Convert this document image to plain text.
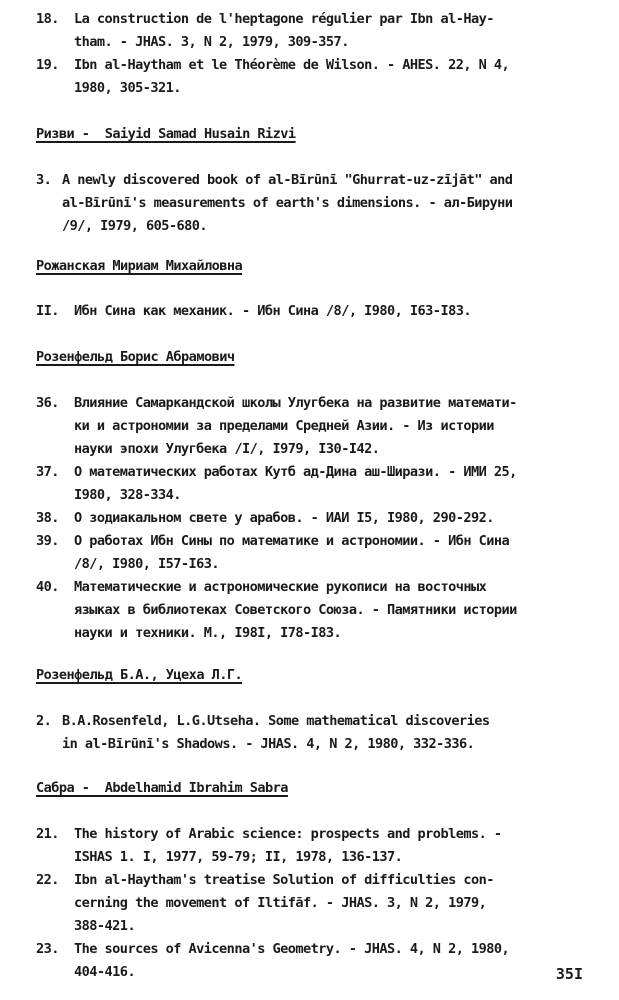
18. La construction de l'heptagone régulier par Ibn al-Hay-
tham. - JHAS. 3, N 2, 1979, 309-357.
19. Ibn al-Haytham et le Théorème de Wilson. - AHES. 22, N 4,
1980, 305-321.
Ризви -  Saiyid Samad Husain Rizvi
3. A newly discovered book of al-Bīrūnī "Ghurrat-uz-zījāt" and
al-Bīrūnī's measurements of earth's dimensions. - ал-Бируни
/9/, I979, 605-680.
Рожанская Мириам Михайловна
II. Ибн Сина как механик. - Ибн Сина /8/, I980, I63-I83.
Розенфельд Борис Абрамович
36. Влияние Самаркандской школы Улугбека на развитие математи-
ки и астрономии за пределами Средней Азии. - Из истории
науки эпохи Улугбека /I/, I979, I30-I42.
37. О математических работах Кутб ад-Дина аш-Ширази. - ИМИ 25,
I980, 328-334.
38. О зодиакальном свете у арабов. - ИАИ I5, I980, 290-292.
39. О работах Ибн Сины по математике и астрономии. - Ибн Сина
/8/, I980, I57-I63.
40. Математические и астрономические рукописи на восточных
языках в библиотеках Советского Союза. - Памятники истории
науки и техники. М., I98I, I78-I83.
Розенфельд Б.А., Уцеха Л.Г.
2. B.A.Rosenfeld, L.G.Utseha. Some mathematical discoveries
in al-Bīrūnī's Shadows. - JHAS. 4, N 2, 1980, 332-336.
Сабра -  Abdelhamid Ibrahim Sabra
21. The history of Arabic science: prospects and problems. -
ISHAS 1. I, 1977, 59-79; II, 1978, 136-137.
22. Ibn al-Haytham's treatise Solution of difficulties con-
cerning the movement of Iltifāf. - JHAS. 3, N 2, 1979,
388-421.
23. The sources of Avicenna's Geometry. - JHAS. 4, N 2, 1980,
404-416.	35I
